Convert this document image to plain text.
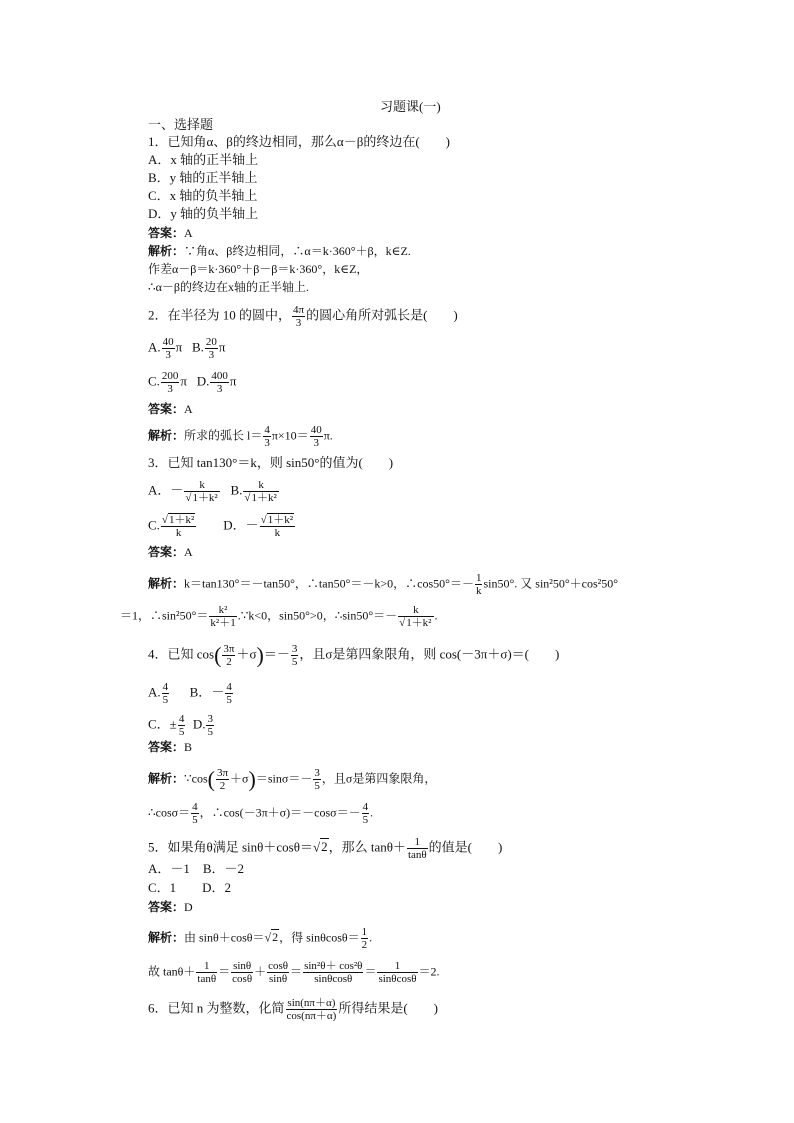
习题课(一)
一、选择题
1．已知角α、β的终边相同，那么α－β的终边在(　　)
A．x 轴的正半轴上
B．y 轴的正半轴上
C．x 轴的负半轴上
D．y 轴的负半轴上
答案：A
解析：∵角α、β终边相同，∴α＝k·360°＋β，k∈Z.
作差α－β＝k·360°＋β－β＝k·360°，k∈Z，
∴α－β的终边在x轴的正半轴上.
2．在半径为 10 的圆中， $\frac{4\pi}{3}$ 的圆心角所对弧长是(　　)
A. $\frac{40}{3}$ π B. $\frac{20}{3}$ π
C. $\frac{200}{3}$ π D. $\frac{400}{3}$ π
答案：A
解析：所求的弧长 $l= \frac{4}{3} \pi\times 10= \frac{40}{3} \pi$.
3．已知 tan130°＝k，则 sin50°的值为(　　)
A．－ $\frac{k}{\text{√1＋k²}} B$. $\frac{k}{\text{√1＋k²}}$
C. $\frac{\text{√1＋k²}}{k}$ D．－ $\frac{\text{√1＋k²}}{k}$
答案：A
解析：k＝tan130°＝－tan50°，∴tan50°＝－k>0，∴cos50°＝－ $\frac{1}{k} \sin 50^\circ$. 又 sin²50°＋cos²50°
＝1，∴sin²50°＝ $\frac{\text{k²}}{\text{k²＋1}}$ .∵k<0，sin50°>0，∴sin50°＝－ $\frac{k}{\text{√1＋k²}}$ .
4．已知 $\cos( \frac{3\pi}{2} +\sigma)=- \frac{3}{5}$ ，且σ是第四象限角，则 cos(－3π＋σ)＝(　　)
A. $\frac{4}{5}$ B．－ $\frac{4}{5}$
C．± $\frac{4}{5} D$. $\frac{3}{5}$
答案：B
解析：∵cos( $\frac{3\pi}{2} +\sigma)=\sin\sigma=- \frac{3}{5}$ ，且σ是第四象限角，
∴cosσ＝ $\frac{4}{5}$ ，∴cos(－3π＋σ)＝－cosσ＝－ $\frac{4}{5}$ .
5．如果角θ满足 sinθ＋cosθ＝√2，那么 $\tan\theta+ \frac{1}{\tan\theta}$ 的值是(　　)
A．－1　B．－2
C．1　　D．2
答案：D
解析：由 sinθ＋cosθ＝√2，得 $\sin\theta\cos\theta= \frac{1}{2}$ .
故 $\tan\theta+ \frac{1}{\tan\theta} = \frac{\sin\theta}{\cos\theta} + \frac{\cos\theta}{\sin\theta} = \frac{\text{sin²θ＋ cos²θ}}{\sin\theta\cos\theta} = \frac{1}{\sin\theta\cos\theta} =2$.
6．已知 n 为整数，化简 $\frac{\sin(n\pi+\alpha)}{\cos(n\pi+\alpha)}$ 所得结果是(　　)
